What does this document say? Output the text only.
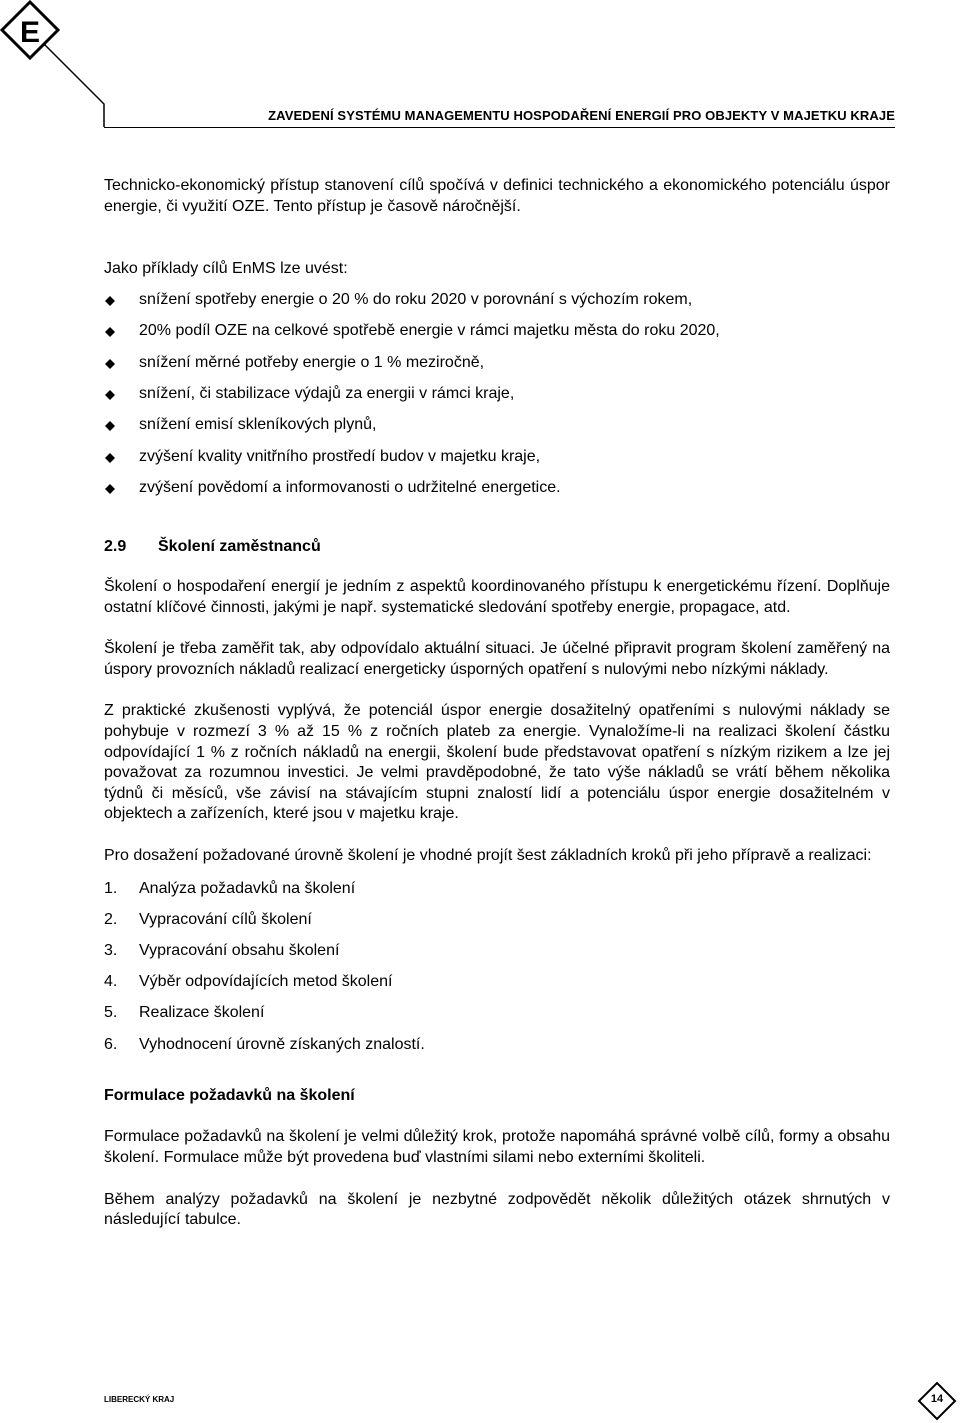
E
ZAVEDENÍ SYSTÉMU MANAGEMENTU HOSPODAŘENÍ ENERGIÍ PRO OBJEKTY V MAJETKU KRAJE

Technicko-ekonomický přístup stanovení cílů spočívá v definici technického a ekonomického potenciálu úspor energie, či využití OZE. Tento přístup je časově náročnější.

Jako příklady cílů EnMS lze uvést:

snížení spotřeby energie o 20 % do roku 2020 v porovnání s výchozím rokem,
20% podíl OZE na celkové spotřebě energie v rámci majetku města do roku 2020,
snížení měrné potřeby energie o 1 % meziročně,
snížení, či stabilizace výdajů za energii v rámci kraje,
snížení emisí skleníkových plynů,
zvýšení kvality vnitřního prostředí budov v majetku kraje,
zvýšení povědomí a informovanosti o udržitelné energetice.
2.9 Školení zaměstnanců

Školení o hospodaření energií je jedním z aspektů koordinovaného přístupu k energetickému řízení. Doplňuje ostatní klíčové činnosti, jakými je např. systematické sledování spotřeby energie, propagace, atd.

Školení je třeba zaměřit tak, aby odpovídalo aktuální situaci. Je účelné připravit program školení zaměřený na úspory provozních nákladů realizací energeticky úsporných opatření s nulovými nebo nízkými náklady.

Z praktické zkušenosti vyplývá, že potenciál úspor energie dosažitelný opatřeními s nulovými náklady se pohybuje v rozmezí 3 % až 15 % z ročních plateb za energie. Vynaložíme-li na realizaci školení částku odpovídající 1 % z ročních nákladů na energii, školení bude představovat opatření s nízkým rizikem a lze jej považovat za rozumnou investici. Je velmi pravděpodobné, že tato výše nákladů se vrátí během několika týdnů či měsíců, vše závisí na stávajícím stupni znalostí lidí a potenciálu úspor energie dosažitelném v objektech a zařízeních, které jsou v majetku kraje.

Pro dosažení požadované úrovně školení je vhodné projít šest základních kroků při jeho přípravě a realizaci:

1. Analýza požadavků na školení
2. Vypracování cílů školení
3. Vypracování obsahu školení
4. Výběr odpovídajících metod školení
5. Realizace školení
6. Vyhodnocení úrovně získaných znalostí.
Formulace požadavků na školení

Formulace požadavků na školení je velmi důležitý krok, protože napomáhá správné volbě cílů, formy a obsahu školení. Formulace může být provedena buď vlastními silami nebo externími školiteli.

Během analýzy požadavků na školení je nezbytné zodpovědět několik důležitých otázek shrnutých v následující tabulce.

LIBERECKÝ KRAJ	14
